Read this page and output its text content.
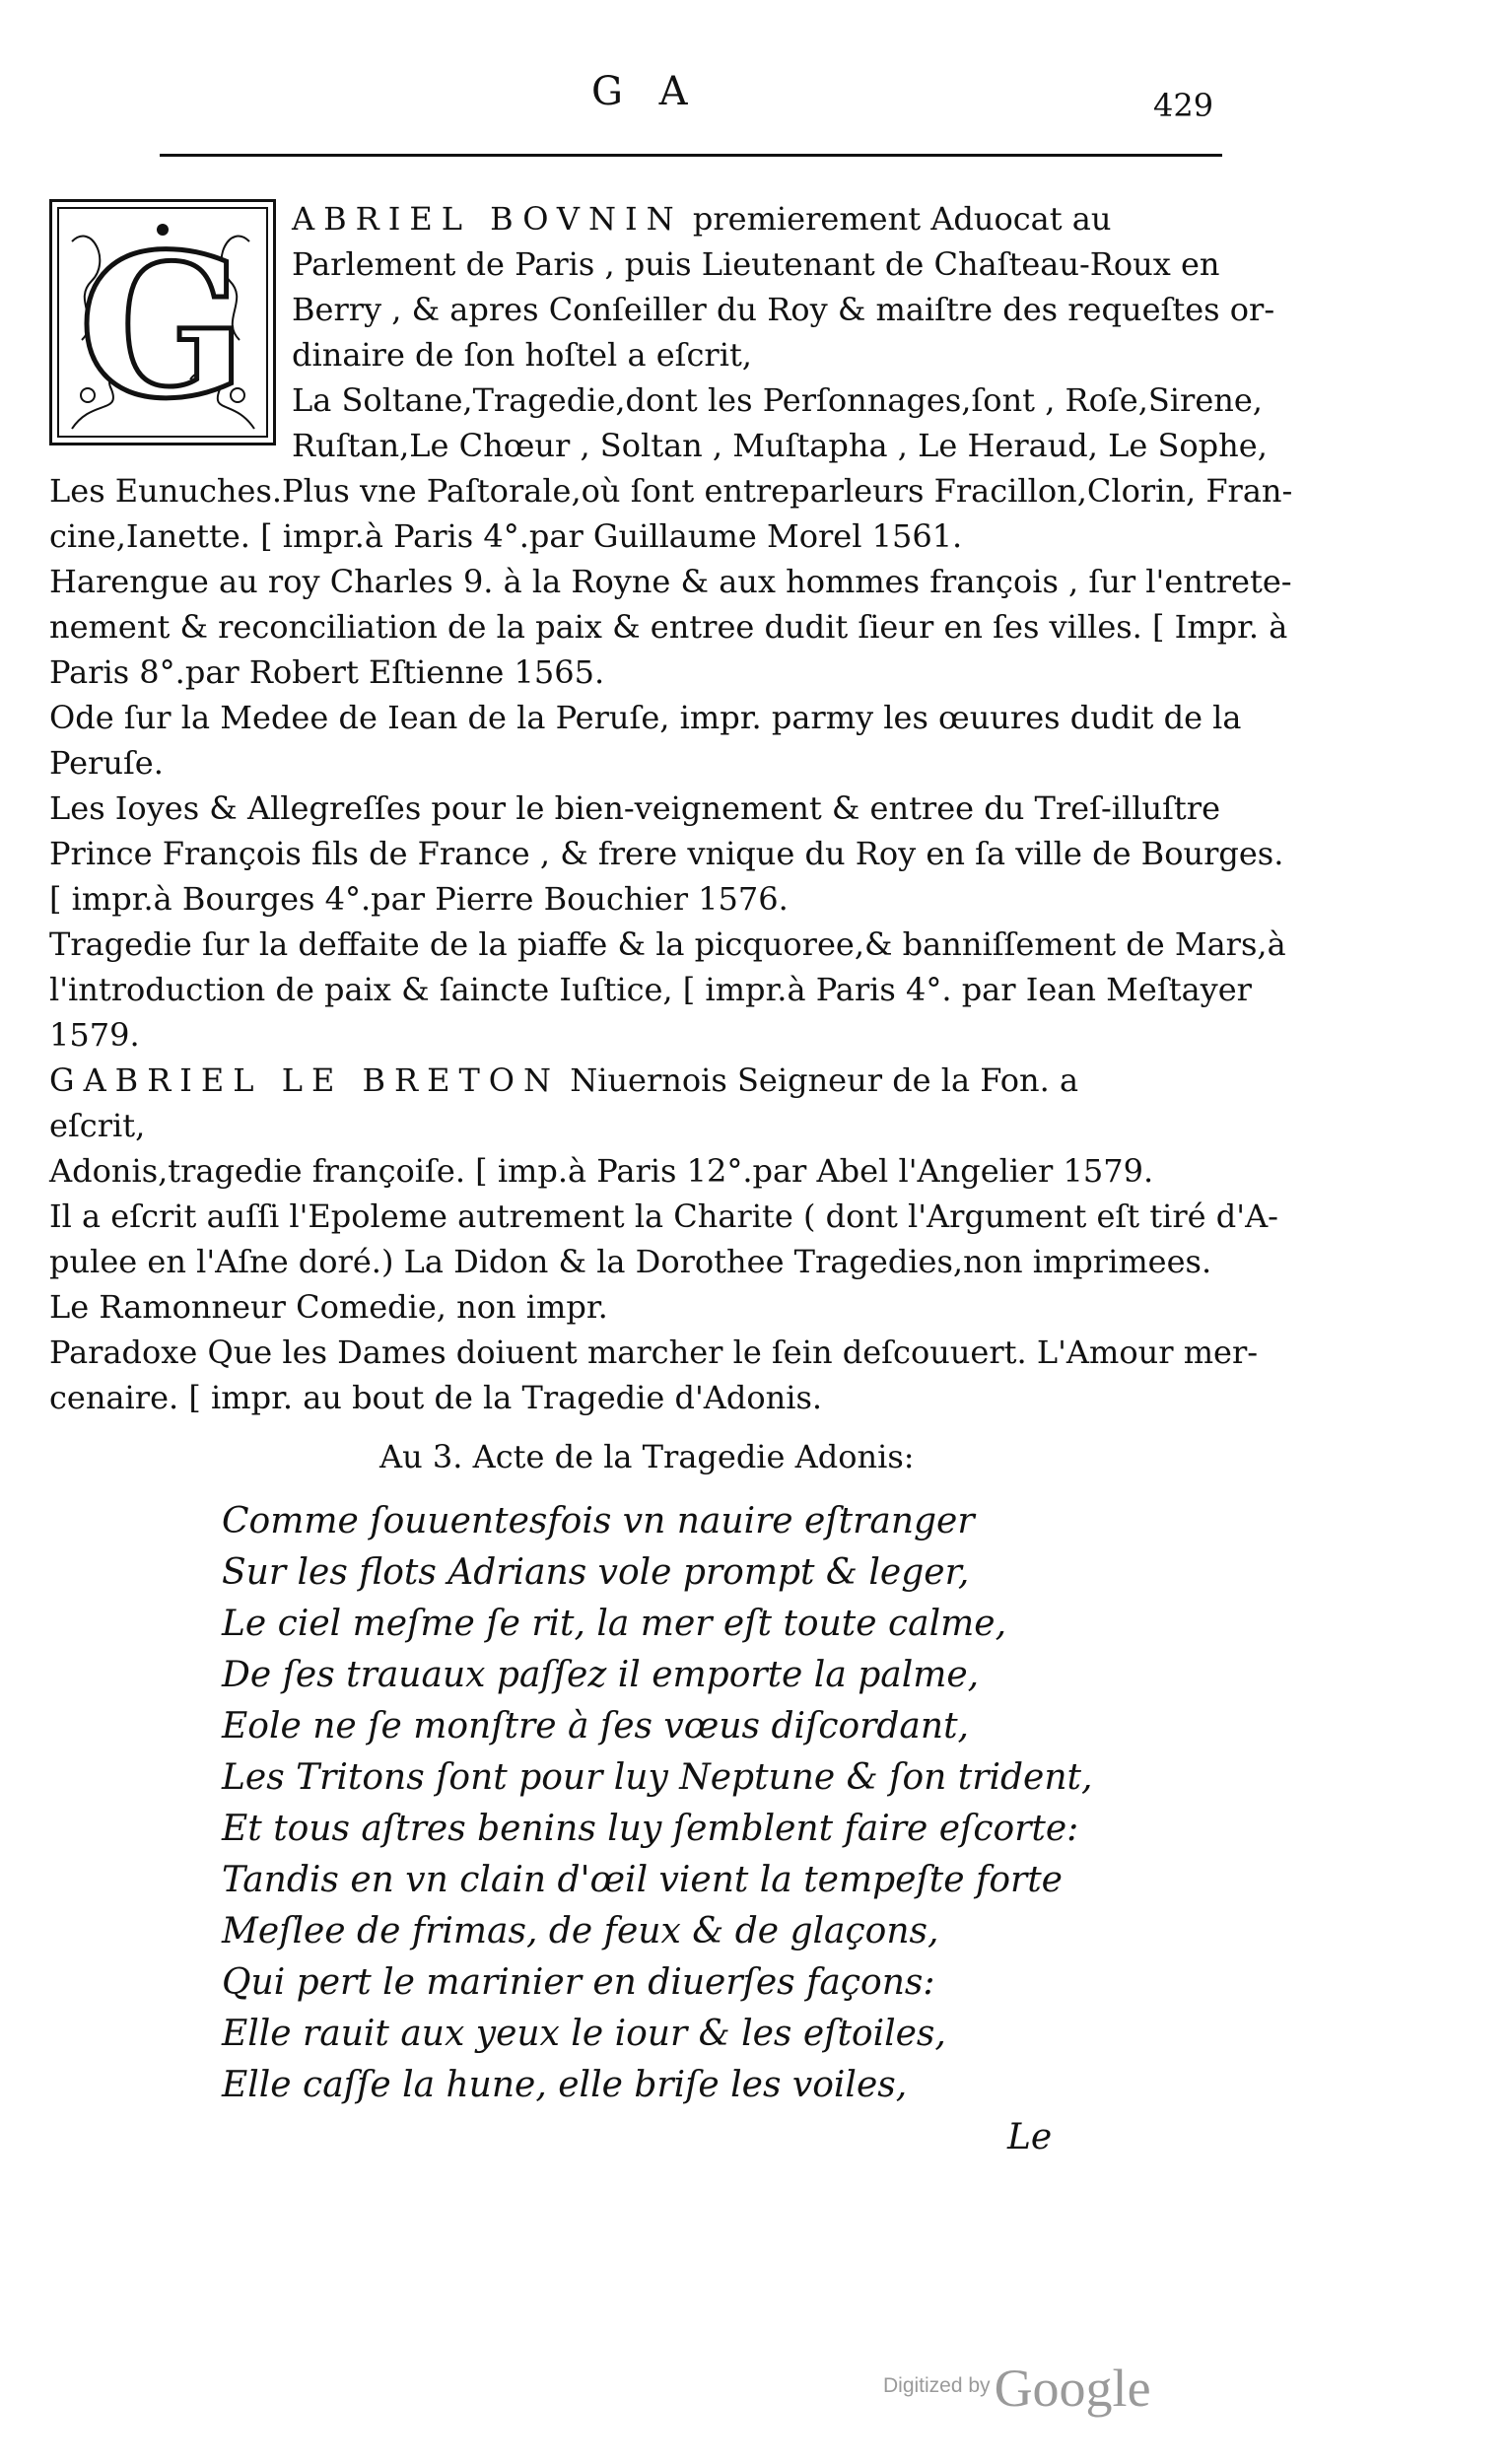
G A	429
G ABRIEL BOVNIN premierement Aduocat au
Parlement de Paris , puis Lieutenant de Chaſteau-Roux en
Berry , & apres Conſeiller du Roy & maiſtre des requeſtes or-
dinaire de ſon hoſtel a eſcrit,
La Soltane,Tragedie,dont les Perſonnages,ſont , Roſe,Sirene,
Ruſtan,Le Chœur , Soltan , Muſtapha , Le Heraud, Le Sophe,
Les Eunuches.Plus vne Paſtorale,où ſont entreparleurs Fracillon,Clorin, Fran-
cine,Ianette. [ impr.à Paris 4°.par Guillaume Morel 1561.
Harengue au roy Charles 9. à la Royne & aux hommes françois , ſur l'entrete-
nement & reconciliation de la paix & entree dudit ſieur en ſes villes. [ Impr. à
Paris 8°.par Robert Eſtienne 1565.
Ode ſur la Medee de Iean de la Peruſe, impr. parmy les œuures dudit de la
Peruſe.
Les Ioyes & Allegreſſes pour le bien-veignement & entree du Treſ-illuſtre
Prince François fils de France , & frere vnique du Roy en ſa ville de Bourges.
[ impr.à Bourges 4°.par Pierre Bouchier 1576.
Tragedie ſur la deffaite de la piaffe & la picquoree,& banniſſement de Mars,à
l'introduction de paix & ſaincte Iuſtice, [ impr.à Paris 4°. par Iean Meſtayer
1579.
GABRIEL LE BRETON Niuernois Seigneur de la Fon. a
eſcrit,
Adonis,tragedie françoiſe. [ imp.à Paris 12°.par Abel l'Angelier 1579.
Il a eſcrit auſſi l'Epoleme autrement la Charite ( dont l'Argument eſt tiré d'A-
pulee en l'Aſne doré.) La Didon & la Dorothee Tragedies,non imprimees.
Le Ramonneur Comedie, non impr.
Paradoxe Que les Dames doiuent marcher le ſein deſcouuert. L'Amour mer-
cenaire. [ impr. au bout de la Tragedie d'Adonis.
Au 3. Acte de la Tragedie Adonis:
Comme ſouuentesfois vn nauire eſtranger
Sur les flots Adrians vole prompt & leger,
Le ciel meſme ſe rit, la mer eſt toute calme,
De ſes trauaux paſſez il emporte la palme,
Eole ne ſe monſtre à ſes vœus diſcordant,
Les Tritons ſont pour luy Neptune & ſon trident,
Et tous aſtres benins luy ſemblent faire eſcorte:
Tandis en vn clain d'œil vient la tempeſte forte
Meſlee de frimas, de feux & de glaçons,
Qui pert le marinier en diuerſes façons:
Elle rauit aux yeux le iour & les eſtoiles,
Elle caſſe la hune, elle briſe les voiles,
Le
Digitized byGoogle
